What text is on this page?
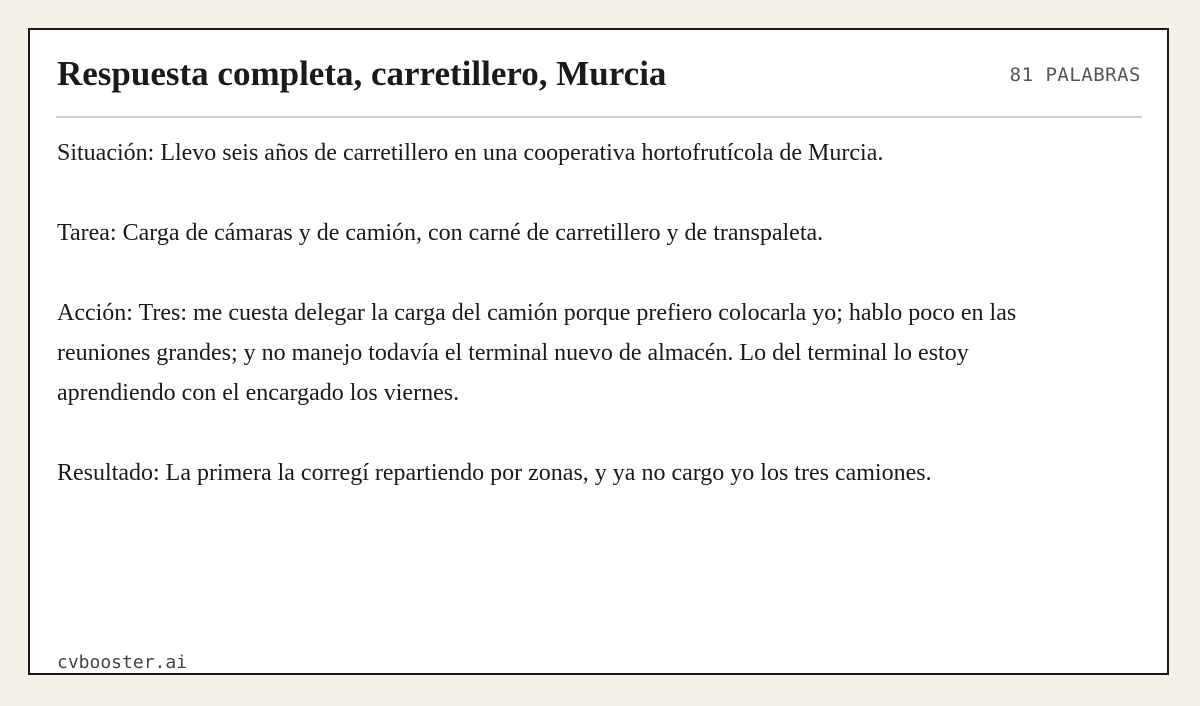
Respuesta completa, carretillero, Murcia	81 PALABRAS

Situación: Llevo seis años de carretillero en una cooperativa hortofrutícola de Murcia.

Tarea: Carga de cámaras y de camión, con carné de carretillero y de transpaleta.

Acción: Tres: me cuesta delegar la carga del camión porque prefiero colocarla yo; hablo poco en las reuniones grandes; y no manejo todavía el terminal nuevo de almacén. Lo del terminal lo estoy aprendiendo con el encargado los viernes.

Resultado: La primera la corregí repartiendo por zonas, y ya no cargo yo los tres camiones.

cvbooster.ai
